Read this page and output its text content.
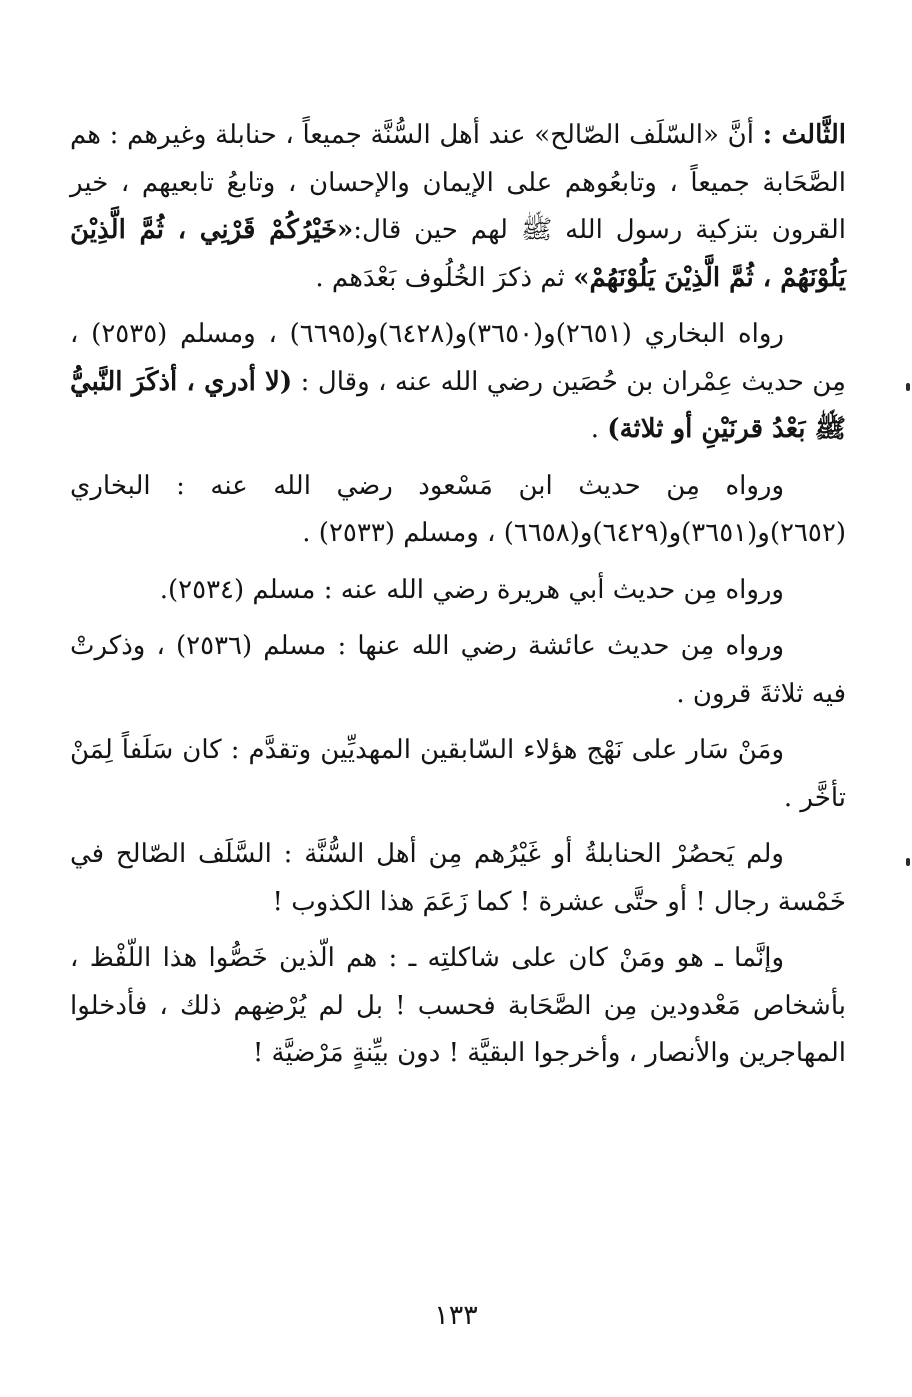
الثَّالث : أنَّ «السّلَف الصّالح» عند أهل السُّنَّة جميعاً ، حنابلة وغيرهم : هم الصَّحَابة جميعاً ، وتابعُوهم على الإيمان والإحسان ، وتابعُ تابعيهم ، خير القرون بتزكية رسول الله ﷺ لهم حين قال:«خَيْرُكُمْ قَرْنِي ، ثُمَّ الَّذِيْنَ يَلُوْنَهُمْ ، ثُمَّ الَّذِيْنَ يَلُوْنَهُمْ» ثم ذكرَ الخُلُوف بَعْدَهم .

رواه البخاري (٢٦٥١)و(٣٦٥٠)و(٦٤٢٨)و(٦٦٩٥) ، ومسلم (٢٥٣٥) ، مِن حديث عِمْران بن حُصَين رضي الله عنه ، وقال : (لا أدري ، أذكَرَ النَّبيُّ ﷺ بَعْدُ قرنَيْنِ أو ثلاثة) .

ورواه مِن حديث ابن مَسْعود رضي الله عنه : البخاري (٢٦٥٢)و(٣٦٥١)و(٦٤٢٩)و(٦٦٥٨) ، ومسلم (٢٥٣٣) .

ورواه مِن حديث أبي هريرة رضي الله عنه : مسلم (٢٥٣٤).

ورواه مِن حديث عائشة رضي الله عنها : مسلم (٢٥٣٦) ، وذكرتْ فيه ثلاثةَ قرون .

ومَنْ سَار على نَهْج هؤلاء السّابقين المهديِّين وتقدَّم : كان سَلَفاً لِمَنْ تأخَّر .

ولم يَحصُرْ الحنابلةُ أو غَيْرُهم مِن أهل السُّنَّة : السَّلَف الصّالح في خَمْسة رجال ! أو حتَّى عشرة ! كما زَعَمَ هذا الكذوب !

وإنَّما ـ هو ومَنْ كان على شاكلتِه ـ : هم الّذين خَصُّوا هذا اللّفْظ ، بأشخاص مَعْدودين مِن الصَّحَابة فحسب ! بل لم يُرْضِهم ذلك ، فأدخلوا المهاجرين والأنصار ، وأخرجوا البقيَّة ! دون بيِّنةٍ مَرْضيَّة !

١٣٣
